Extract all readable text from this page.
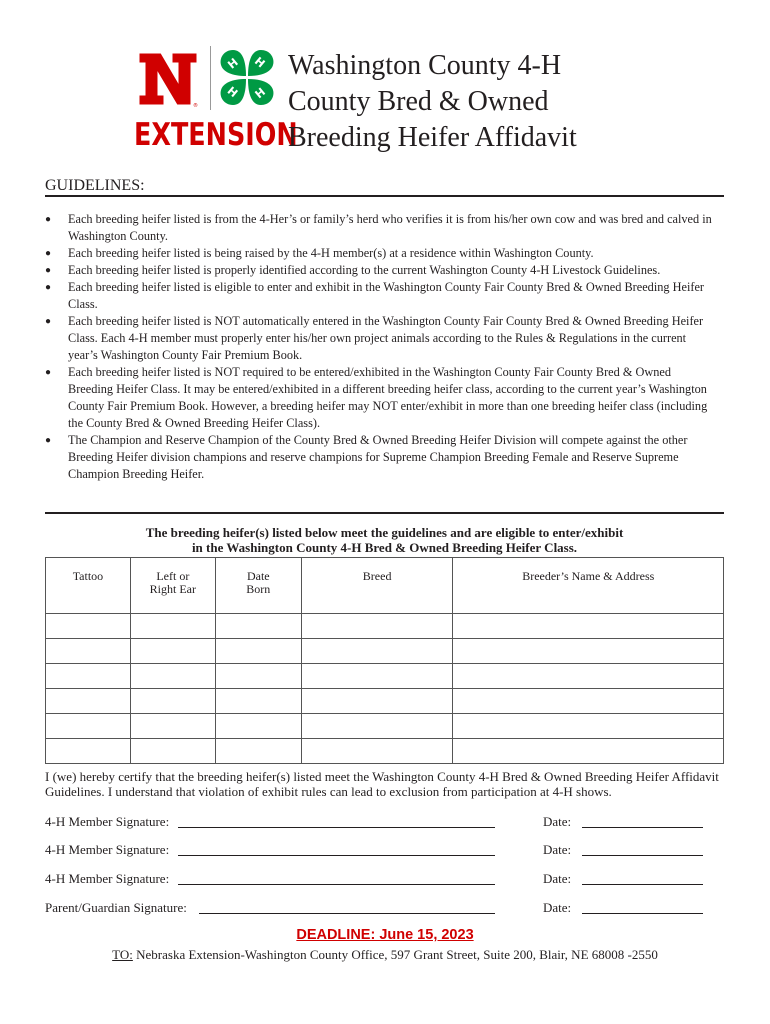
®
H H
H H
EXTENSION
Washington County 4-H
County Bred & Owned
Breeding Heifer Affidavit
GUIDELINES:
● Each breeding heifer listed is from the 4-Her’s or family’s herd who verifies it is from his/her own cow and was bred and calved in Washington County.
● Each breeding heifer listed is being raised by the 4-H member(s) at a residence within Washington County.
● Each breeding heifer listed is properly identified according to the current Washington County 4-H Livestock Guidelines.
● Each breeding heifer listed is eligible to enter and exhibit in the Washington County Fair County Bred & Owned Breeding Heifer Class.
● Each breeding heifer listed is NOT automatically entered in the Washington County Fair County Bred & Owned Breeding Heifer Class. Each 4-H member must properly enter his/her own project animals according to the Rules & Regulations in the current year’s Washington County Fair Premium Book.
● Each breeding heifer listed is NOT required to be entered/exhibited in the Washington County Fair County Bred & Owned Breeding Heifer Class. It may be entered/exhibited in a different breeding heifer class, according to the current year’s Washington County Fair Premium Book. However, a breeding heifer may NOT enter/exhibit in more than one breeding heifer class (including the County Bred & Owned Breeding Heifer Class).
● The Champion and Reserve Champion of the County Bred & Owned Breeding Heifer Division will compete against the other Breeding Heifer division champions and reserve champions for Supreme Champion Breeding Female and Reserve Supreme Champion Breeding Heifer.
The breeding heifer(s) listed below meet the guidelines and are eligible to enter/exhibit
in the Washington County 4-H Bred & Owned Breeding Heifer Class.
Tattoo	Left or Right Ear	Date Born	Breed	Breeder’s Name & Address

I (we) hereby certify that the breeding heifer(s) listed meet the Washington County 4-H Bred & Owned Breeding Heifer Affidavit Guidelines. I understand that violation of exhibit rules can lead to exclusion from participation at 4-H shows.
4-H Member Signature:	Date:
4-H Member Signature:	Date:
4-H Member Signature:	Date:
Parent/Guardian Signature:	Date:
DEADLINE: June 15, 2023
TO: Nebraska Extension-Washington County Office, 597 Grant Street, Suite 200, Blair, NE 68008 -2550
